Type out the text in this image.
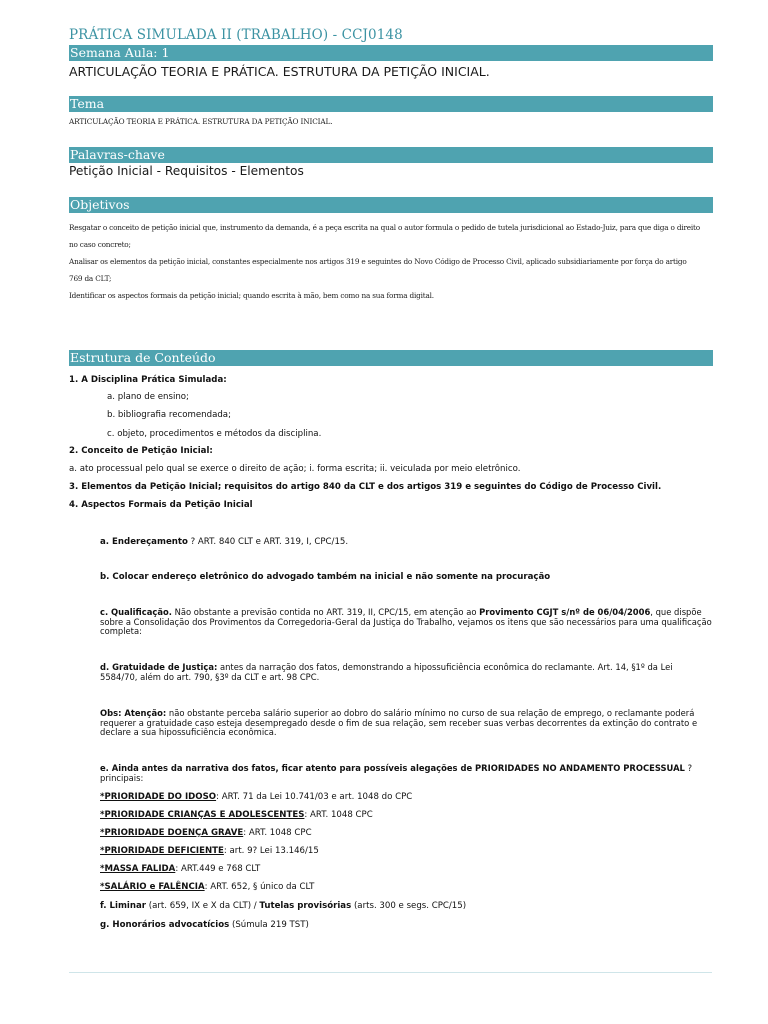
PRÁTICA SIMULADA II (TRABALHO) - CCJ0148
Semana Aula: 1
ARTICULAÇÃO TEORIA E PRÁTICA. ESTRUTURA DA PETIÇÃO INICIAL.
Tema
ARTICULAÇÃO TEORIA E PRÁTICA. ESTRUTURA DA PETIÇÃO INICIAL.
Palavras-chave
Petição Inicial - Requisitos - Elementos
Objetivos
Resgatar o conceito de petição inicial que, instrumento da demanda, é a peça escrita na qual o autor formula o pedido de tutela jurisdicional ao Estado-Juiz, para que diga o direito
no caso concreto;
Analisar os elementos da petição inicial, constantes especialmente nos artigos 319 e seguintes do Novo Código de Processo Civil, aplicado subsidiariamente por força do artigo
769 da CLT;
Identificar os aspectos formais da petição inicial; quando escrita à mão, bem como na sua forma digital.
Estrutura de Conteúdo
1. A Disciplina Prática Simulada:
a. plano de ensino;
b. bibliografia recomendada;
c. objeto, procedimentos e métodos da disciplina.
2. Conceito de Petição Inicial:
a. ato processual pelo qual se exerce o direito de ação; i. forma escrita; ii. veiculada por meio eletrônico.
3. Elementos da Petição Inicial; requisitos do artigo 840 da CLT e dos artigos 319 e seguintes do Código de Processo Civil.
4. Aspectos Formais da Petição Inicial
a. Endereçamento ? ART. 840 CLT e ART. 319, I, CPC/15.
b. Colocar endereço eletrônico do advogado também na inicial e não somente na procuração
c. Qualificação. Não obstante a previsão contida no ART. 319, II, CPC/15, em atenção ao Provimento CGJT s/nº de 06/04/2006, que dispõe sobre a Consolidação dos Provimentos da Corregedoria-Geral da Justiça do Trabalho, vejamos os itens que são necessários para uma qualificação completa:
d. Gratuidade de Justiça: antes da narração dos fatos, demonstrando a hipossuficiência econômica do reclamante. Art. 14, §1º da Lei 5584/70, além do art. 790, §3º da CLT e art. 98 CPC.
Obs: Atenção: não obstante perceba salário superior ao dobro do salário mínimo no curso de sua relação de emprego, o reclamante poderá requerer a gratuidade caso esteja desempregado desde o fim de sua relação, sem receber suas verbas decorrentes da extinção do contrato e declare a sua hipossuficiência econômica.
e. Ainda antes da narrativa dos fatos, ficar atento para possíveis alegações de PRIORIDADES NO ANDAMENTO PROCESSUAL ? principais:
*PRIORIDADE DO IDOSO: ART. 71 da Lei 10.741/03 e art. 1048 do CPC
*PRIORIDADE CRIANÇAS E ADOLESCENTES: ART. 1048 CPC
*PRIORIDADE DOENÇA GRAVE: ART. 1048 CPC
*PRIORIDADE DEFICIENTE: art. 9? Lei 13.146/15
*MASSA FALIDA: ART.449 e 768 CLT
*SALÁRIO e FALÊNCIA: ART. 652, § único da CLT
f. Liminar (art. 659, IX e X da CLT) / Tutelas provisórias (arts. 300 e segs. CPC/15)
g. Honorários advocatícios (Súmula 219 TST)
